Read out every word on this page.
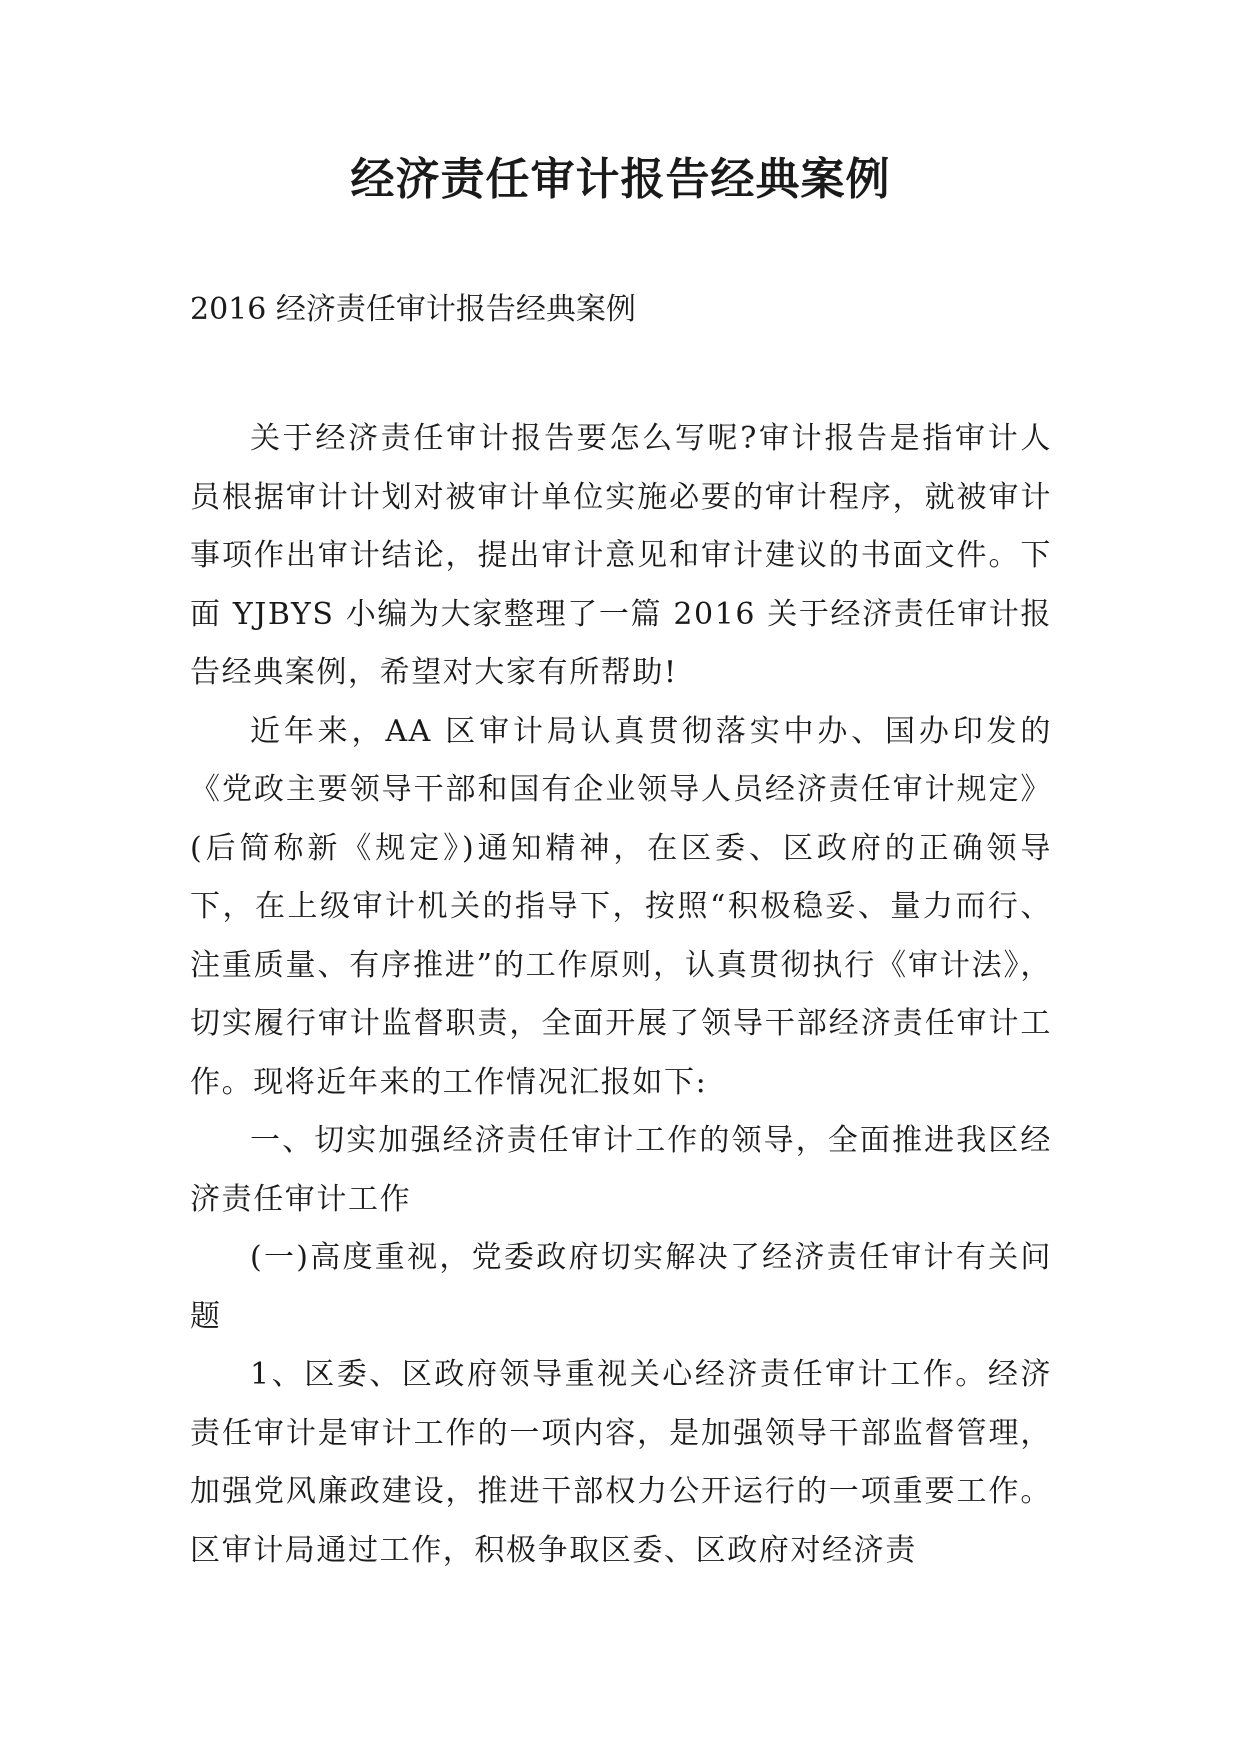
经济责任审计报告经典案例

2016 经济责任审计报告经典案例

关于经济责任审计报告要怎么写呢?审计报告是指审计人员根据审计计划对被审计单位实施必要的审计程序，就被审计事项作出审计结论，提出审计意见和审计建议的书面文件。下面 YJBYS 小编为大家整理了一篇 2016 关于经济责任审计报告经典案例，希望对大家有所帮助!

近年来，AA 区审计局认真贯彻落实中办、国办印发的《党政主要领导干部和国有企业领导人员经济责任审计规定》(后简称新《规定》)通知精神，在区委、区政府的正确领导下，在上级审计机关的指导下，按照“积极稳妥、量力而行、注重质量、有序推进”的工作原则，认真贯彻执行《审计法》，切实履行审计监督职责，全面开展了领导干部经济责任审计工作。现将近年来的工作情况汇报如下:

一、切实加强经济责任审计工作的领导，全面推进我区经济责任审计工作

(一)高度重视，党委政府切实解决了经济责任审计有关问题

1、区委、区政府领导重视关心经济责任审计工作。经济责任审计是审计工作的一项内容，是加强领导干部监督管理，加强党风廉政建设，推进干部权力公开运行的一项重要工作。区审计局通过工作，积极争取区委、区政府对经济责
